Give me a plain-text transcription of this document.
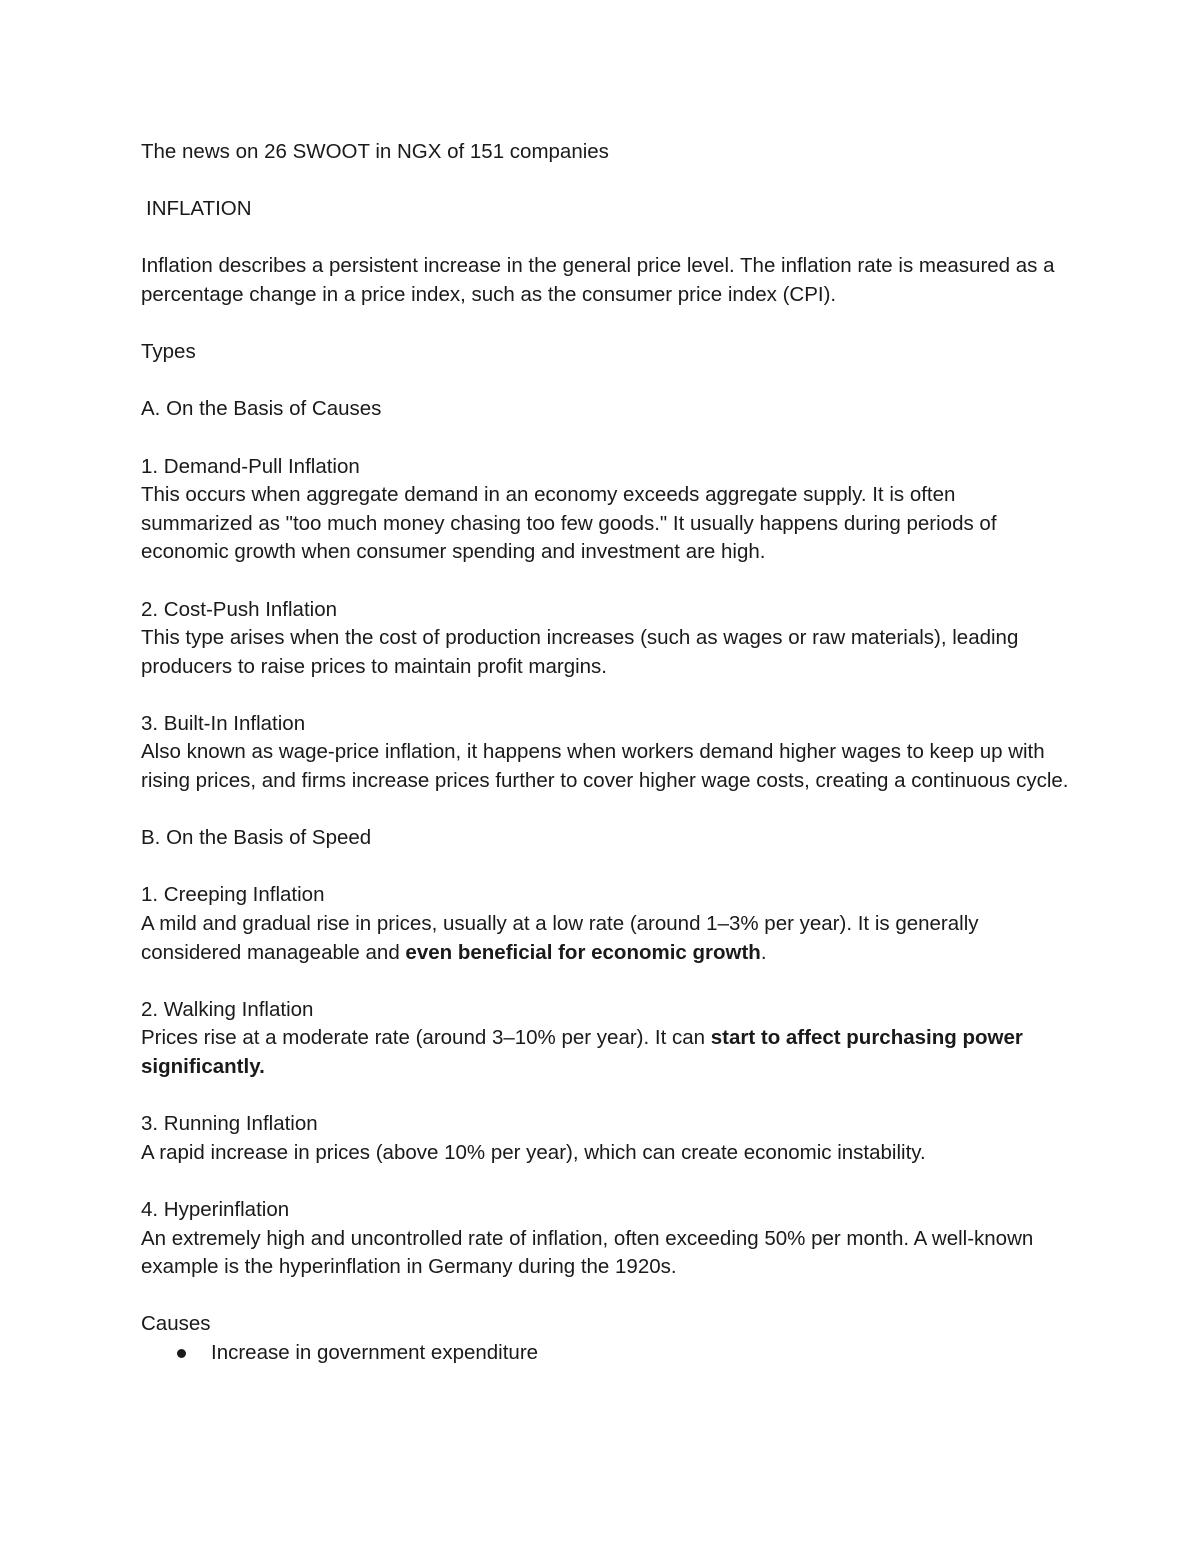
The news on 26 SWOOT in NGX of 151 companies

INFLATION

Inflation describes a persistent increase in the general price level. The inflation rate is measured as a percentage change in a price index, such as the consumer price index (CPI).

Types

A. On the Basis of Causes

1. Demand-Pull Inflation

This occurs when aggregate demand in an economy exceeds aggregate supply. It is often summarized as "too much money chasing too few goods." It usually happens during periods of economic growth when consumer spending and investment are high.

2. Cost-Push Inflation

This type arises when the cost of production increases (such as wages or raw materials), leading producers to raise prices to maintain profit margins.

3. Built-In Inflation

Also known as wage-price inflation, it happens when workers demand higher wages to keep up with rising prices, and firms increase prices further to cover higher wage costs, creating a continuous cycle.

B. On the Basis of Speed

1. Creeping Inflation

A mild and gradual rise in prices, usually at a low rate (around 1–3% per year). It is generally considered manageable and even beneficial for economic growth.

2. Walking Inflation

Prices rise at a moderate rate (around 3–10% per year). It can start to affect purchasing power significantly.

3. Running Inflation

A rapid increase in prices (above 10% per year), which can create economic instability.

4. Hyperinflation

An extremely high and uncontrolled rate of inflation, often exceeding 50% per month. A well-known example is the hyperinflation in Germany during the 1920s.

Causes

Increase in government expenditure
